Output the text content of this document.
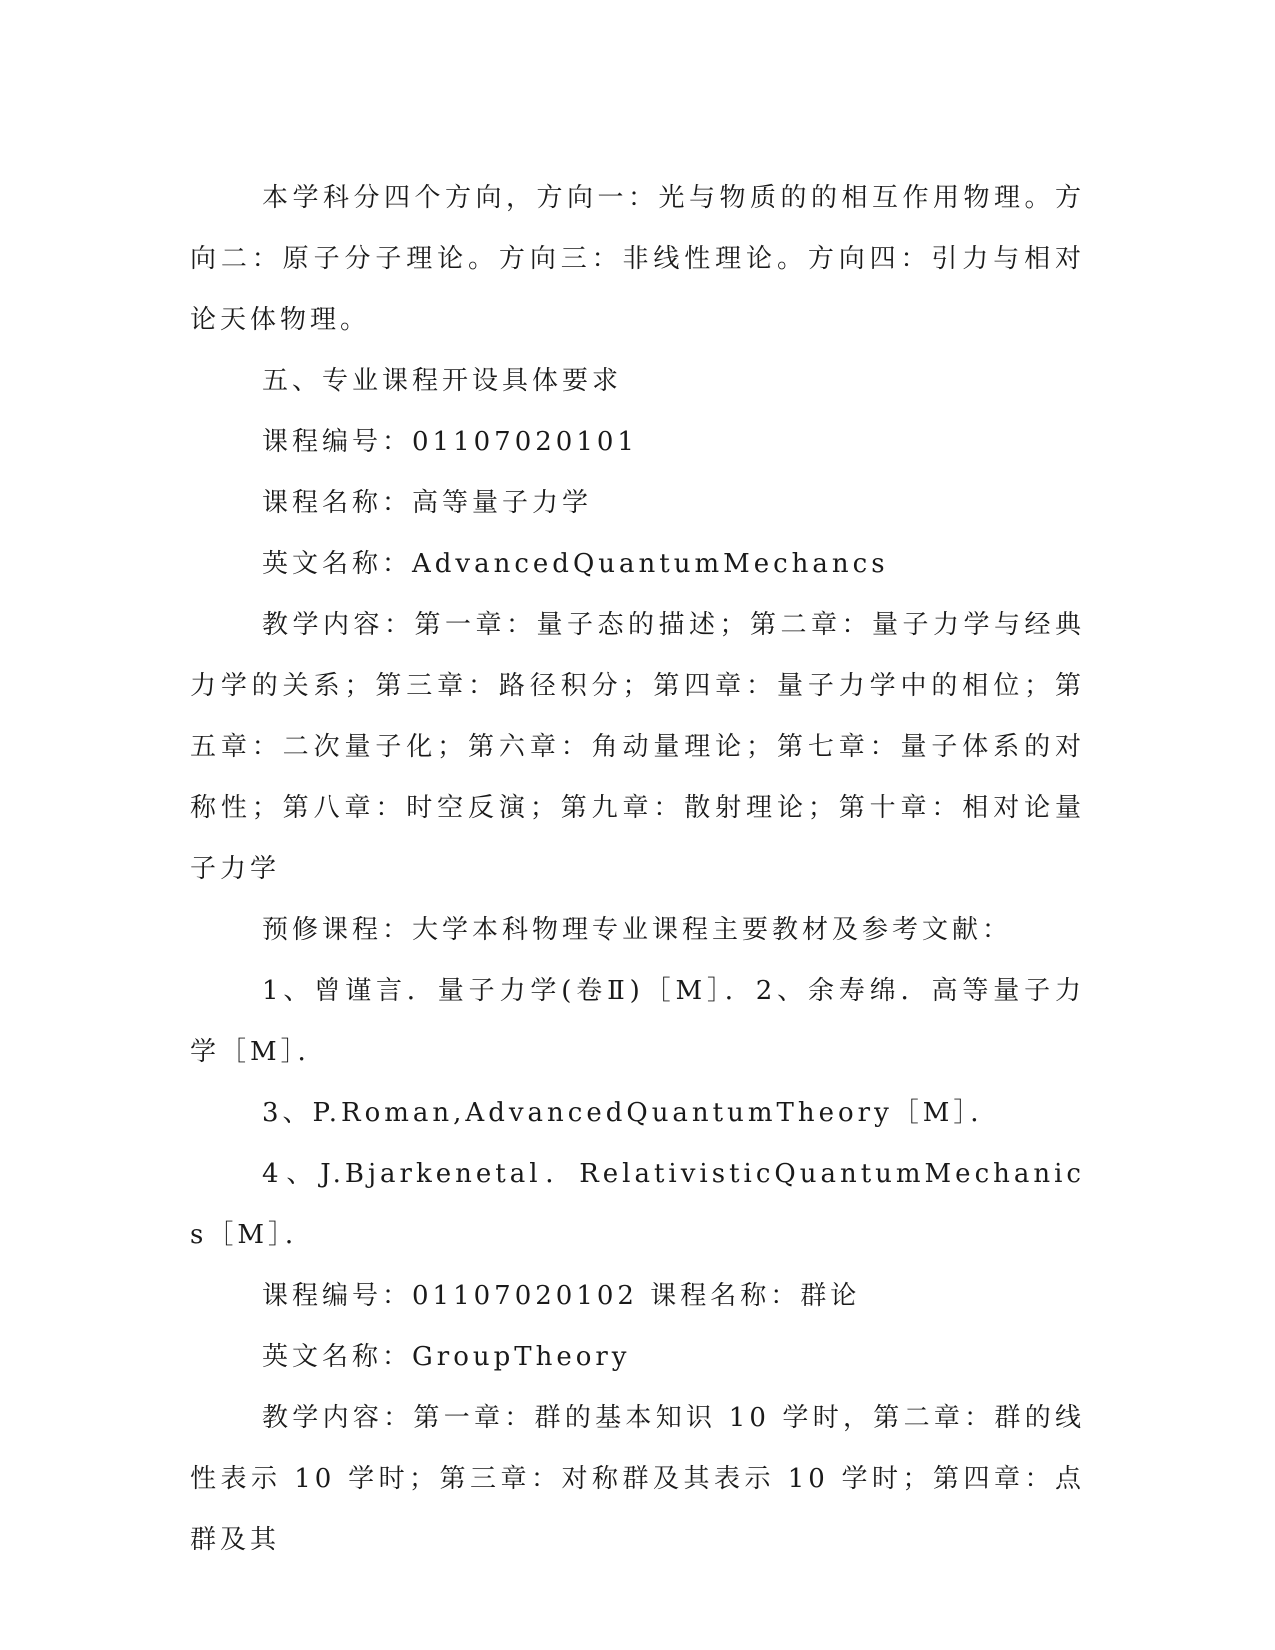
本学科分四个方向，方向一：光与物质的的相互作用物理。方向二：原子分子理论。方向三：非线性理论。方向四：引力与相对论天体物理。

五、专业课程开设具体要求

课程编号：01107020101

课程名称：高等量子力学

英文名称：AdvancedQuantumMechancs

教学内容：第一章：量子态的描述；第二章：量子力学与经典力学的关系；第三章：路径积分；第四章：量子力学中的相位；第五章：二次量子化；第六章：角动量理论；第七章：量子体系的对称性；第八章：时空反演；第九章：散射理论；第十章：相对论量子力学

预修课程：大学本科物理专业课程主要教材及参考文献：

1、曾谨言．量子力学(卷Ⅱ)［M］．2、余寿绵．高等量子力学［M］．

3、P.Roman,AdvancedQuantumTheory［M］．

4、J.Bjarkenetal．RelativisticQuantumMechanics［M］．

课程编号：01107020102 课程名称：群论

英文名称：GroupTheory

教学内容：第一章：群的基本知识 10 学时，第二章：群的线性表示 10 学时；第三章：对称群及其表示 10 学时；第四章：点群及其
